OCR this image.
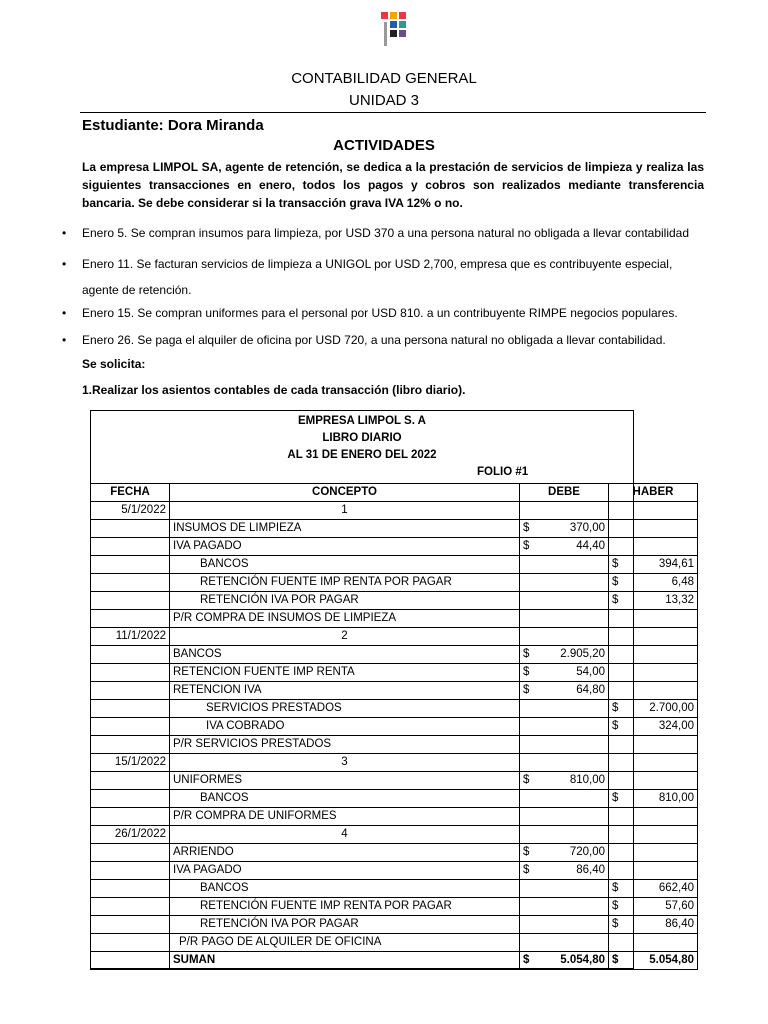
CONTABILIDAD GENERAL
UNIDAD 3
Estudiante: Dora Miranda
ACTIVIDADES
La empresa LIMPOL SA, agente de retención, se dedica a la prestación de servicios de limpieza y realiza las siguientes transacciones en enero, todos los pagos y cobros son realizados mediante transferencia bancaria. Se debe considerar si la transacción grava IVA 12% o no.
• Enero 5. Se compran insumos para limpieza, por USD 370 a una persona natural no obligada a llevar contabilidad
• Enero 11. Se facturan servicios de limpieza a UNIGOL por USD 2,700, empresa que es contribuyente especial, agente de retención.
• Enero 15. Se compran uniformes para el personal por USD 810. a un contribuyente RIMPE negocios populares.
• Enero 26. Se paga el alquiler de oficina por USD 720, a una persona natural no obligada a llevar contabilidad.
Se solicita:
1.Realizar los asientos contables de cada transacción (libro diario).
EMPRESA LIMPOL S. A
LIBRO DIARIO
AL 31 DE ENERO DEL 2022
FOLIO #1
FECHA	CONCEPTO	DEBE	HABER
5/1/2022	1		
	INSUMOS DE LIMPIEZA	$ 370,00	

	IVA PAGADO	$ 44,40	

	BANCOS		$ 394,61

	RETENCIÓN FUENTE IMP RENTA POR PAGAR		$ 6,48

	RETENCIÓN IVA POR PAGAR		$ 13,32

	P/R COMPRA DE INSUMOS DE LIMPIEZA		
11/1/2022	2		
	BANCOS	$ 2.905,20	

	RETENCION FUENTE IMP RENTA	$ 54,00	

	RETENCION IVA	$ 64,80	

	SERVICIOS PRESTADOS		$ 2.700,00

	IVA COBRADO		$ 324,00

	P/R SERVICIOS PRESTADOS		
15/1/2022	3		
	UNIFORMES	$ 810,00	

	BANCOS		$ 810,00

	P/R COMPRA DE UNIFORMES		
26/1/2022	4		
	ARRIENDO	$ 720,00	

	IVA PAGADO	$ 86,40	

	BANCOS		$ 662,40

	RETENCIÓN FUENTE IMP RENTA POR PAGAR		$ 57,60

	RETENCIÓN IVA POR PAGAR		$ 86,40

	P/R PAGO DE ALQUILER DE OFICINA		
	SUMAN	$ 5.054,80	$ 5.054,80
